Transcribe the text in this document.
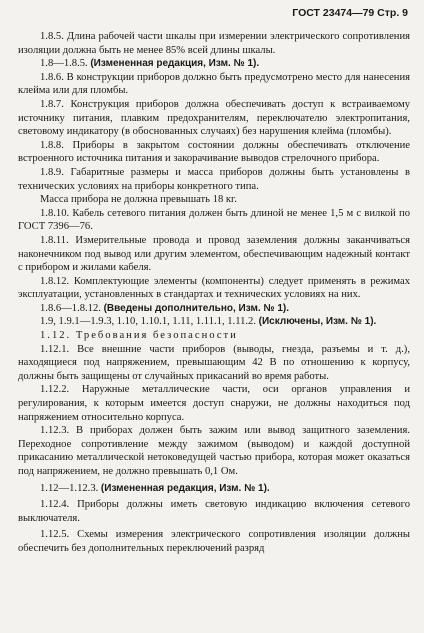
ГОСТ 23474—79 Стр. 9

1.8.5. Длина рабочей части шкалы при измерении электрического сопротивления изоляции должна быть не менее 85% всей длины шкалы.

1.8—1.8.5. (Измененная редакция, Изм. № 1).

1.8.6. В конструкции приборов должно быть предусмотрено место для нанесения клейма или для пломбы.

1.8.7. Конструкция приборов должна обеспечивать доступ к встраиваемому источнику питания, плавким предохранителям, переключателю электропитания, световому индикатору (в обоснованных случаях) без нарушения клейма (пломбы).

1.8.8. Приборы в закрытом состоянии должны обеспечивать отключение встроенного источника питания и закорачивание выводов стрелочного прибора.

1.8.9. Габаритные размеры и масса приборов должны быть установлены в технических условиях на приборы конкретного типа.

Масса прибора не должна превышать 18 кг.

1.8.10. Кабель сетевого питания должен быть длиной не менее 1,5 м с вилкой по ГОСТ 7396—76.

1.8.11. Измерительные провода и провод заземления должны заканчиваться наконечником под вывод или другим элементом, обеспечивающим надежный контакт с прибором и жилами кабеля.

1.8.12. Комплектующие элементы (компоненты) следует применять в режимах эксплуатации, установленных в стандартах и технических условиях на них.

1.8.6—1.8.12. (Введены дополнительно, Изм. № 1).

1.9, 1.9.1—1.9.3, 1.10, 1.10.1, 1.11, 1.11.1, 1.11.2. (Исключены, Изм. № 1).

1.12. Требования безопасности

1.12.1. Все внешние части приборов (выводы, гнезда, разъемы и т. д.), находящиеся под напряжением, превышающим 42 В по отношению к корпусу, должны быть защищены от случайных прикасаний во время работы.

1.12.2. Наружные металлические части, оси органов управления и регулирования, к которым имеется доступ снаружи, не должны находиться под напряжением относительно корпуса.

1.12.3. В приборах должен быть зажим или вывод защитного заземления. Переходное сопротивление между зажимом (выводом) и каждой доступной прикасанию металлической нетоковедущей частью прибора, которая может оказаться под напряжением, не должно превышать 0,1 Ом.

1.12—1.12.3. (Измененная редакция, Изм. № 1).

1.12.4. Приборы должны иметь световую индикацию включения сетевого выключателя.

1.12.5. Схемы измерения электрического сопротивления изоляции должны обеспечить без дополнительных переключений разряд
